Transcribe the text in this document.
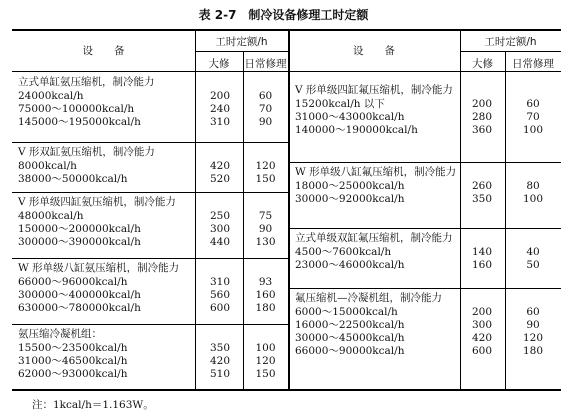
表 2-7　制冷设备修理工时定额
设　　备
工时定额/h
大修	日常修理
设　　备
工时定额/h
大修	日常修理
立式单缸氨压缩机，制冷能力
24000kcal/h	200	60
75000～100000kcal/h	240	70
145000～195000kcal/h	310	90
V 形双缸氨压缩机，制冷能力
8000kcal/h	420	120
38000～50000kcal/h	520	150
V 形单级四缸氨压缩机，制冷能力
48000kcal/h	250	75
150000～200000kcal/h	300	90
300000～390000kcal/h	440	130
W 形单级八缸氨压缩机，制冷能力
66000～96000kcal/h	310	93
300000～400000kcal/h	560	160
630000～780000kcal/h	600	180
氨压缩冷凝机组：
15500～23500kcal/h	350	100
31000～46500kcal/h	420	120
62000～93000kcal/h	510	150
V 形单级四缸氟压缩机，制冷能力
15200kcal/h 以下	200	60
31000～43000kcal/h	280	70
140000～190000kcal/h	360	100
W 形单级八缸氟压缩机，制冷能力
18000～25000kcal/h	260	80
30000～92000kcal/h	350	100
立式单级双缸氟压缩机，制冷能力
4500～7600kcal/h	140	40
23000～46000kcal/h	160	50
氟压缩机—冷凝机组，制冷能力
6000～15000kcal/h	200	60
16000～22500kcal/h	300	90
30000～45000kcal/h	420	120
66000～90000kcal/h	600	180
注：1kcal/h＝1.163W。
